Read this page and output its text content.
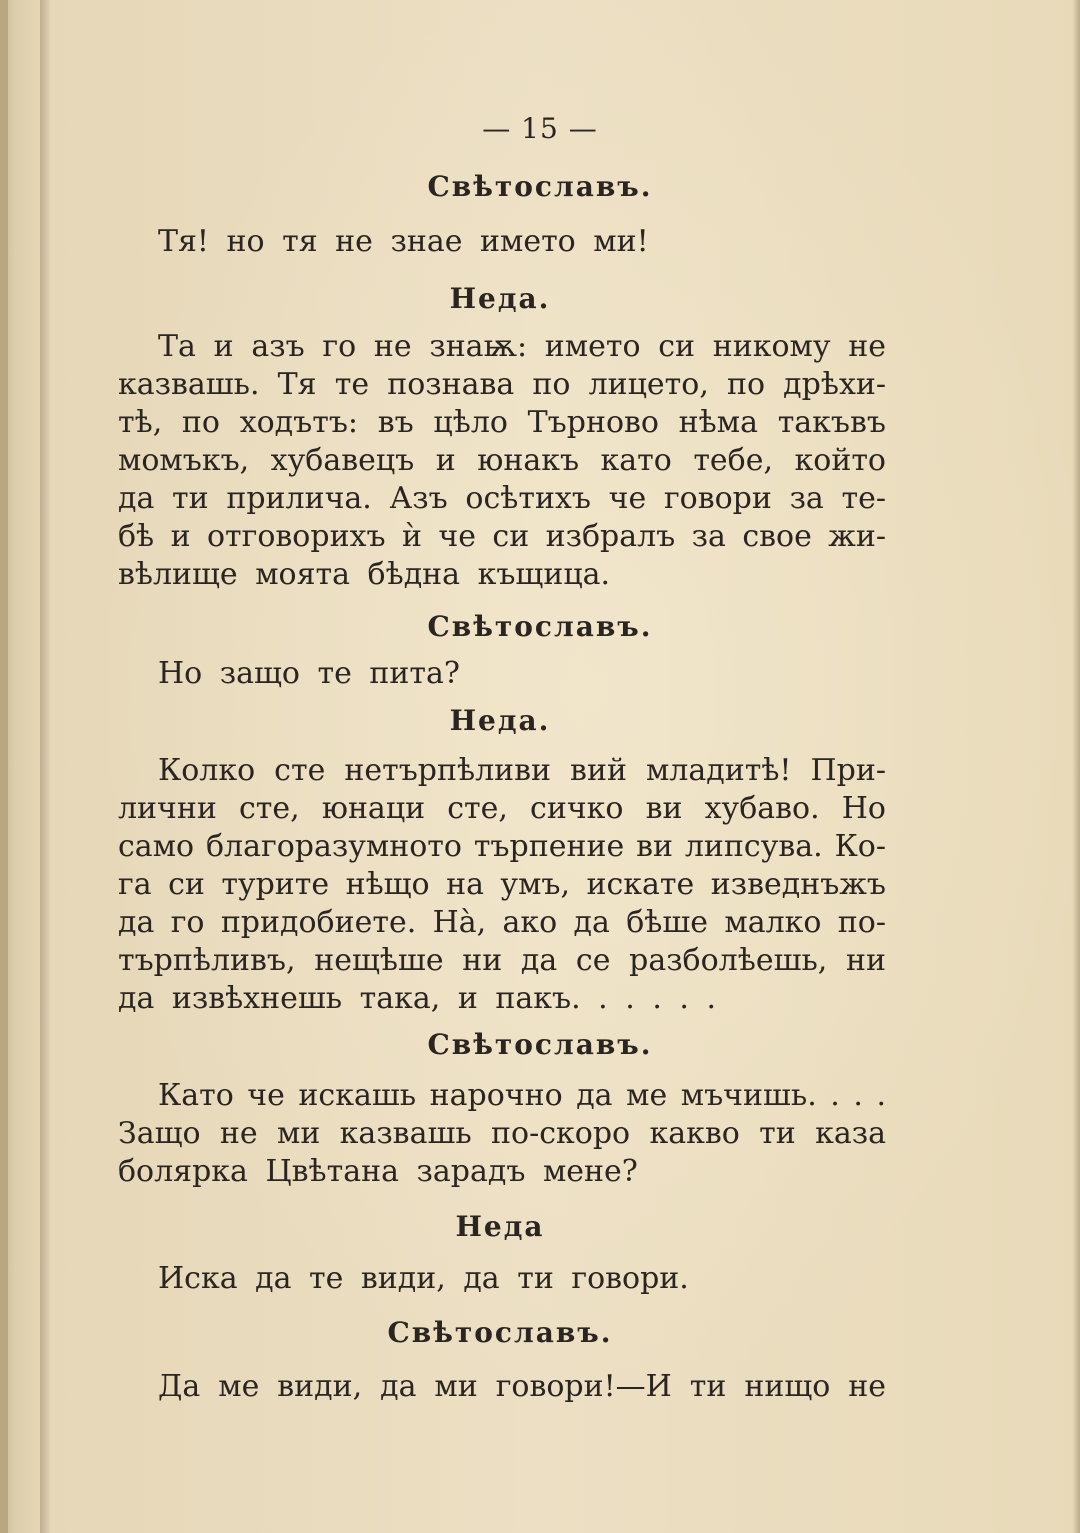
— 15 —
Свѣтославъ.
Тя! но тя не знае името ми!
Неда.
Та и азъ го не знаѭ: името си никому не
казвашь. Тя те познава по лицето, по дрѣхи-
тѣ, по ходътъ: въ цѣло Търново нѣма такъвъ
момъкъ, хубавецъ и юнакъ като тебе, който
да ти прилича. Азъ осѣтихъ че говори за те-
бѣ и отговорихъ ѝ че си избралъ за свое жи-
вѣлище моята бѣдна къщица.
Свѣтославъ.
Но защо те пита?
Неда.
Колко сте нетърпѣливи вий младитѣ! При-
лични сте, юнаци сте, сичко ви хубаво. Но
само благоразумното търпение ви липсува. Ко-
га си турите нѣщо на умъ, искате изведнъжъ
да го придобиете. Нà, ако да бѣше малко по-
търпѣливъ, нещѣше ни да се разболѣешь, ни
да извѣхнешь така, и пакъ. . . . . .
Свѣтославъ.
Като че искашь нарочно да ме мъчишь. . . .
Защо не ми казвашь по-скоро какво ти каза
болярка Цвѣтана зарадъ мене?
Неда
Иска да те види, да ти говори.
Свѣтославъ.
Да ме види, да ми говори!—И ти нищо не
